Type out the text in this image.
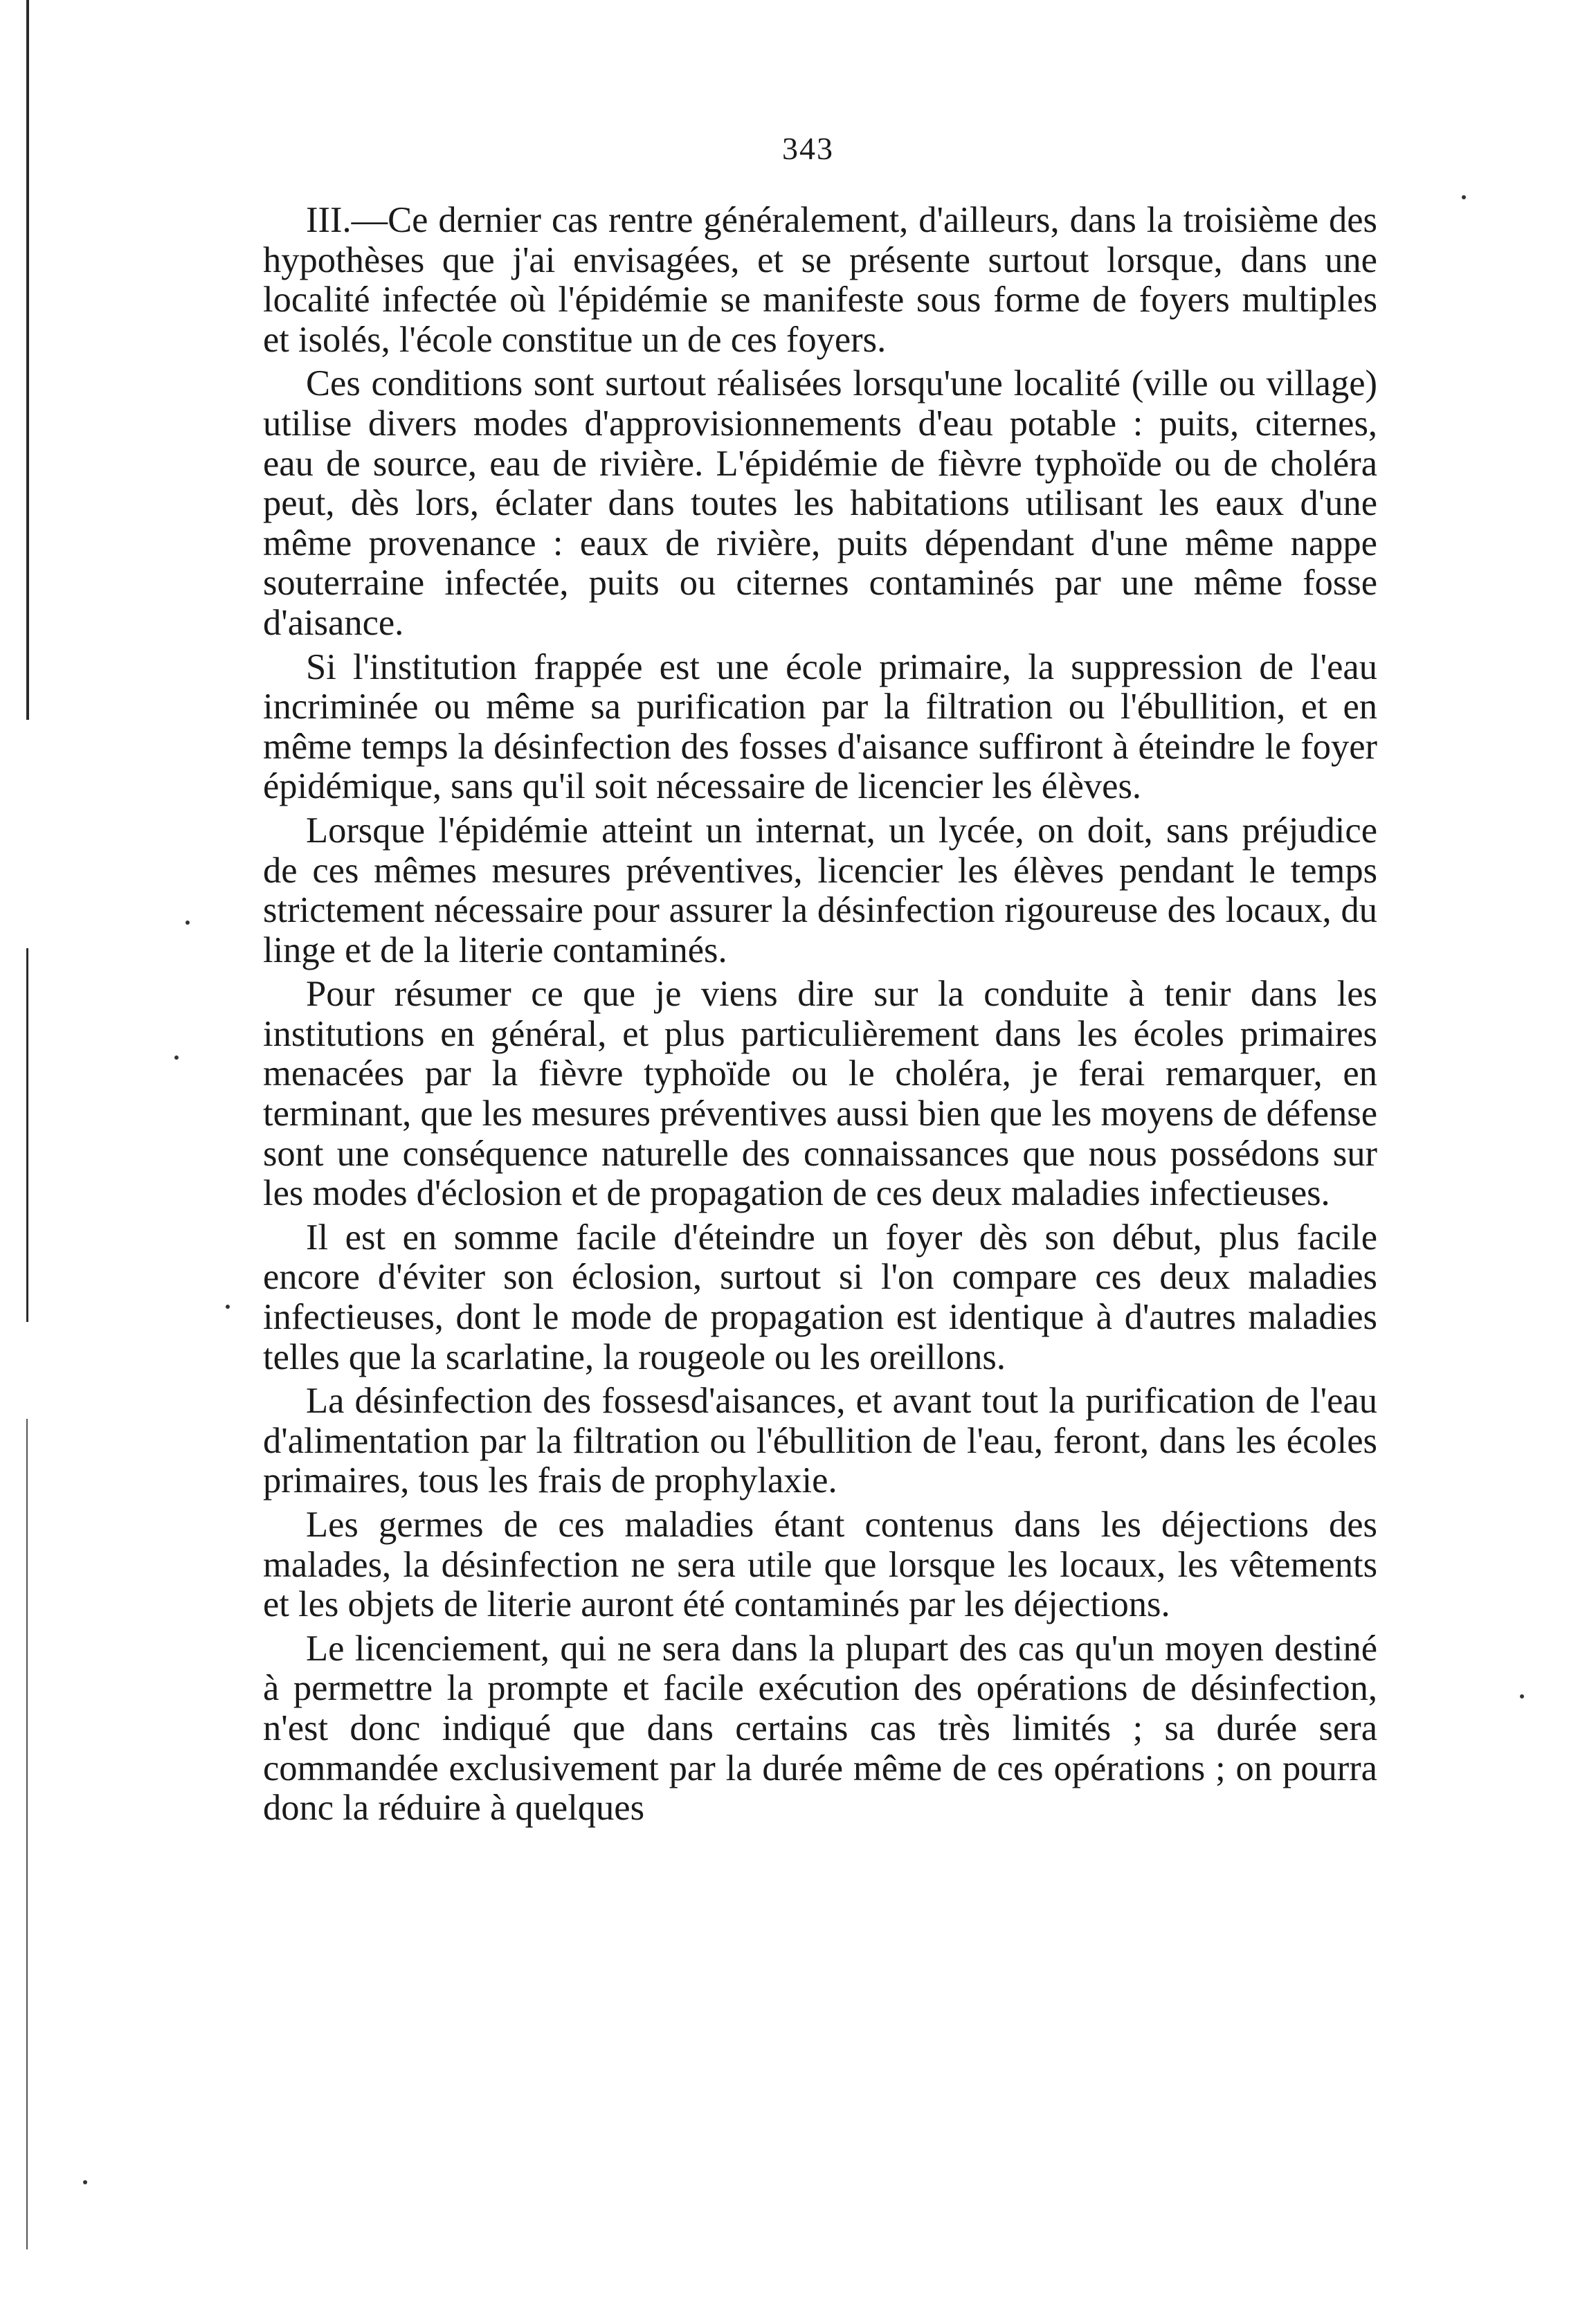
343

III.—Ce dernier cas rentre généralement, d'ailleurs, dans la troisième des hypothèses que j'ai envisagées, et se présente surtout lorsque, dans une localité infectée où l'épidémie se manifeste sous forme de foyers multiples et isolés, l'école constitue un de ces foyers.

Ces conditions sont surtout réalisées lorsqu'une localité (ville ou village) utilise divers modes d'approvisionnements d'eau potable : puits, citernes, eau de source, eau de rivière. L'épidémie de fièvre typhoïde ou de choléra peut, dès lors, éclater dans toutes les habitations utilisant les eaux d'une même provenance : eaux de rivière, puits dépendant d'une même nappe souterraine infectée, puits ou citernes contaminés par une même fosse d'aisance.

Si l'institution frappée est une école primaire, la suppression de l'eau incriminée ou même sa purification par la filtration ou l'ébullition, et en même temps la désinfection des fosses d'aisance suffiront à éteindre le foyer épidémique, sans qu'il soit nécessaire de licencier les élèves.

Lorsque l'épidémie atteint un internat, un lycée, on doit, sans préjudice de ces mêmes mesures préventives, licencier les élèves pendant le temps strictement nécessaire pour assurer la désinfection rigoureuse des locaux, du linge et de la literie contaminés.

Pour résumer ce que je viens dire sur la conduite à tenir dans les institutions en général, et plus particulièrement dans les écoles primaires menacées par la fièvre typhoïde ou le choléra, je ferai remarquer, en terminant, que les mesures préventives aussi bien que les moyens de défense sont une conséquence naturelle des connaissances que nous possédons sur les modes d'éclosion et de propagation de ces deux maladies infectieuses.

Il est en somme facile d'éteindre un foyer dès son début, plus facile encore d'éviter son éclosion, surtout si l'on compare ces deux maladies infectieuses, dont le mode de propagation est identique à d'autres maladies telles que la scarlatine, la rougeole ou les oreillons.

La désinfection des fossesd'aisances, et avant tout la purification de l'eau d'alimentation par la filtration ou l'ébullition de l'eau, feront, dans les écoles primaires, tous les frais de prophylaxie.

Les germes de ces maladies étant contenus dans les déjections des malades, la désinfection ne sera utile que lorsque les locaux, les vêtements et les objets de literie auront été contaminés par les déjections.

Le licenciement, qui ne sera dans la plupart des cas qu'un moyen destiné à permettre la prompte et facile exécution des opérations de désinfection, n'est donc indiqué que dans certains cas très limités ; sa durée sera commandée exclusivement par la durée même de ces opérations ; on pourra donc la réduire à quelques
